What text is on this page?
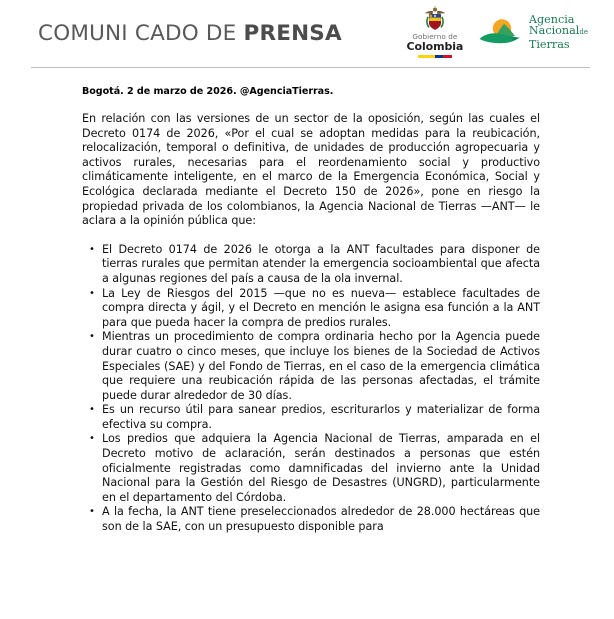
COMUNI CADO DE PRENSA	Gobierno de
Colombia
Agencia
Nacionalde
Tierras

Bogotá. 2 de marzo de 2026. @AgenciaTierras.

En relación con las versiones de un sector de la oposición, según las cuales el Decreto 0174 de 2026, «Por el cual se adoptan medidas para la reubicación, relocalización, temporal o definitiva, de unidades de producción agropecuaria y activos rurales, necesarias para el reordenamiento social y productivo climáticamente inteligente, en el marco de la Emergencia Económica, Social y Ecológica declarada mediante el Decreto 150 de 2026», pone en riesgo la propiedad privada de los colombianos, la Agencia Nacional de Tierras —ANT— le aclara a la opinión pública que:

• El Decreto 0174 de 2026 le otorga a la ANT facultades para disponer de tierras rurales que permitan atender la emergencia socioambiental que afecta a algunas regiones del país a causa de la ola invernal.
• La Ley de Riesgos del 2015 —que no es nueva— establece facultades de compra directa y ágil, y el Decreto en mención le asigna esa función a la ANT para que pueda hacer la compra de predios rurales.
• Mientras un procedimiento de compra ordinaria hecho por la Agencia puede durar cuatro o cinco meses, que incluye los bienes de la Sociedad de Activos Especiales (SAE) y del Fondo de Tierras, en el caso de la emergencia climática que requiere una reubicación rápida de las personas afectadas, el trámite puede durar alrededor de 30 días.
• Es un recurso útil para sanear predios, escriturarlos y materializar de forma efectiva su compra.
• Los predios que adquiera la Agencia Nacional de Tierras, amparada en el Decreto motivo de aclaración, serán destinados a personas que estén oficialmente registradas como damnificadas del invierno ante la Unidad Nacional para la Gestión del Riesgo de Desastres (UNGRD), particularmente en el departamento del Córdoba.
• A la fecha, la ANT tiene preseleccionados alrededor de 28.000 hectáreas que son de la SAE, con un presupuesto disponible para
